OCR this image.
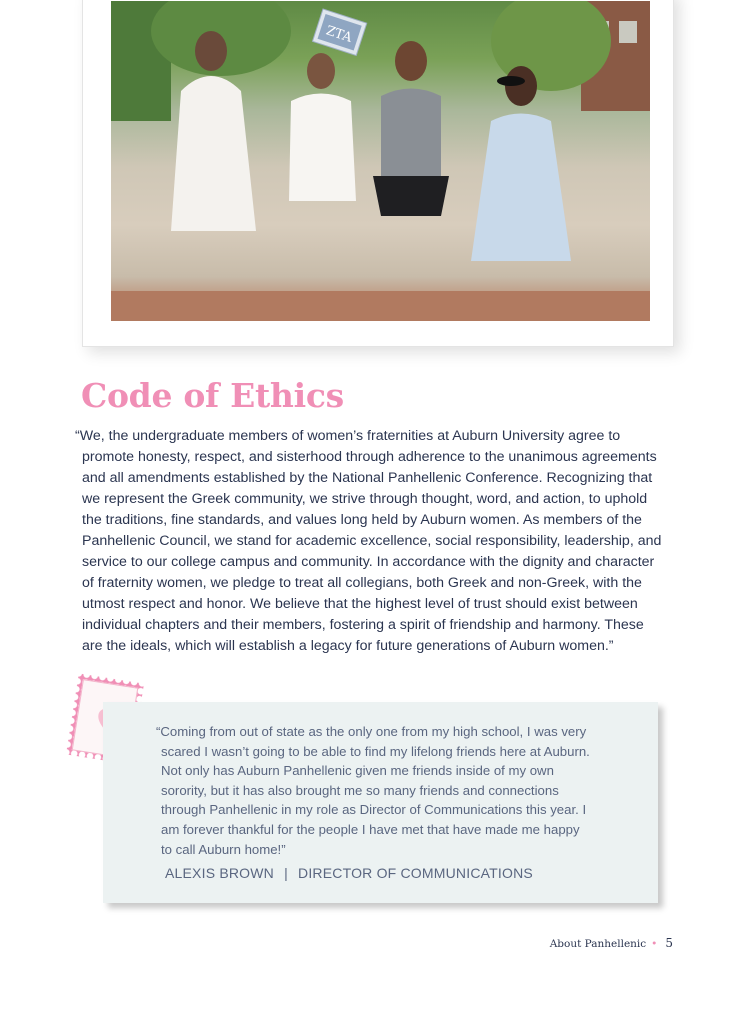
ZTA
Code of Ethics

“We, the undergraduate members of women’s fraternities at Auburn University agree to promote honesty, respect, and sisterhood through adherence to the unanimous agreements and all amendments established by the National Panhellenic Conference. Recognizing that we represent the Greek community, we strive through thought, word, and action, to uphold the traditions, fine standards, and values long held by Auburn women. As members of the Panhellenic Council, we stand for academic excellence, social responsibility, leadership, and service to our college campus and community. In accordance with the dignity and character of fraternity women, we pledge to treat all collegians, both Greek and non-Greek, with the utmost respect and honor. We believe that the highest level of trust should exist between individual chapters and their members, fostering a spirit of friendship and harmony. These are the ideals, which will establish a legacy for future generations of Auburn women.”

“Coming from out of state as the only one from my high school, I was very scared I wasn’t going to be able to find my lifelong friends here at Auburn. Not only has Auburn Panhellenic given me friends inside of my own sorority, but it has also brought me so many friends and connections through Panhellenic in my role as Director of Communications this year. I am forever thankful for the people I have met that have made me happy to call Auburn home!”

ALEXIS BROWN | DIRECTOR OF COMMUNICATIONS
About Panhellenic • 5
